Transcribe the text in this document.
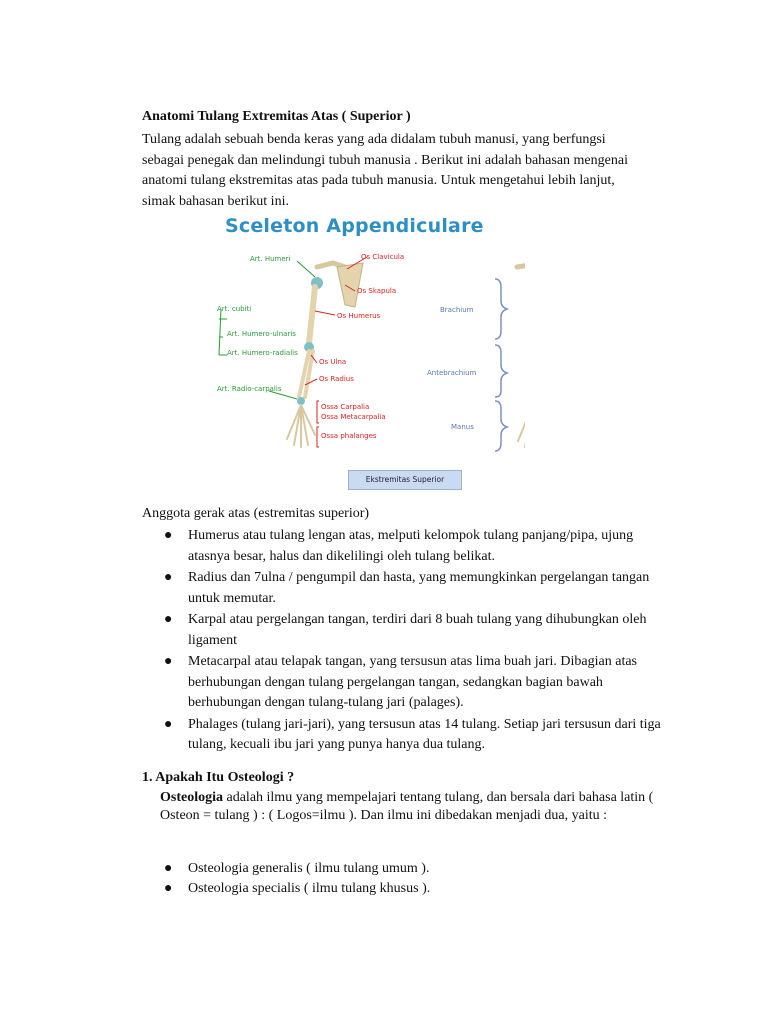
Anatomi Tulang Extremitas Atas ( Superior )
Tulang adalah sebuah benda keras yang ada didalam tubuh manusi, yang berfungsi sebagai penegak dan melindungi tubuh manusia . Berikut ini adalah bahasan mengenai anatomi tulang ekstremitas atas pada tubuh manusia. Untuk mengetahui lebih lanjut, simak bahasan berikut ini.
Sceleton Appendiculare
Art. Humeri
Art. cubiti
Art. Humero-ulnaris
Art. Humero-radialis
Art. Radio-carpalis
Os Clavicula
Os Skapula
Os Humerus
Os Ulna
Os Radius
Ossa Carpalia
Ossa Metacarpalia
Ossa phalanges
Brachium
Antebrachium
Manus
Ekstremitas Superior
Anggota gerak atas (estremitas superior)
● Humerus atau tulang lengan atas, melputi kelompok tulang panjang/pipa, ujung atasnya besar, halus dan dikelilingi oleh tulang belikat.
● Radius dan 7ulna / pengumpil dan hasta, yang memungkinkan pergelangan tangan untuk memutar.
● Karpal atau pergelangan tangan, terdiri dari 8 buah tulang yang dihubungkan oleh ligament
● Metacarpal atau telapak tangan, yang tersusun atas lima buah jari. Dibagian atas berhubungan dengan tulang pergelangan tangan, sedangkan bagian bawah berhubungan dengan tulang-tulang jari (palages).
● Phalages (tulang jari-jari), yang tersusun atas 14 tulang. Setiap jari tersusun dari tiga tulang, kecuali ibu jari yang punya hanya dua tulang.
1. Apakah Itu Osteologi ?
Osteologia adalah ilmu yang mempelajari tentang tulang, dan bersala dari bahasa latin ( Osteon = tulang ) : ( Logos=ilmu ). Dan ilmu ini dibedakan menjadi dua, yaitu :
● Osteologia generalis ( ilmu tulang umum ).
● Osteologia specialis ( ilmu tulang khusus ).
